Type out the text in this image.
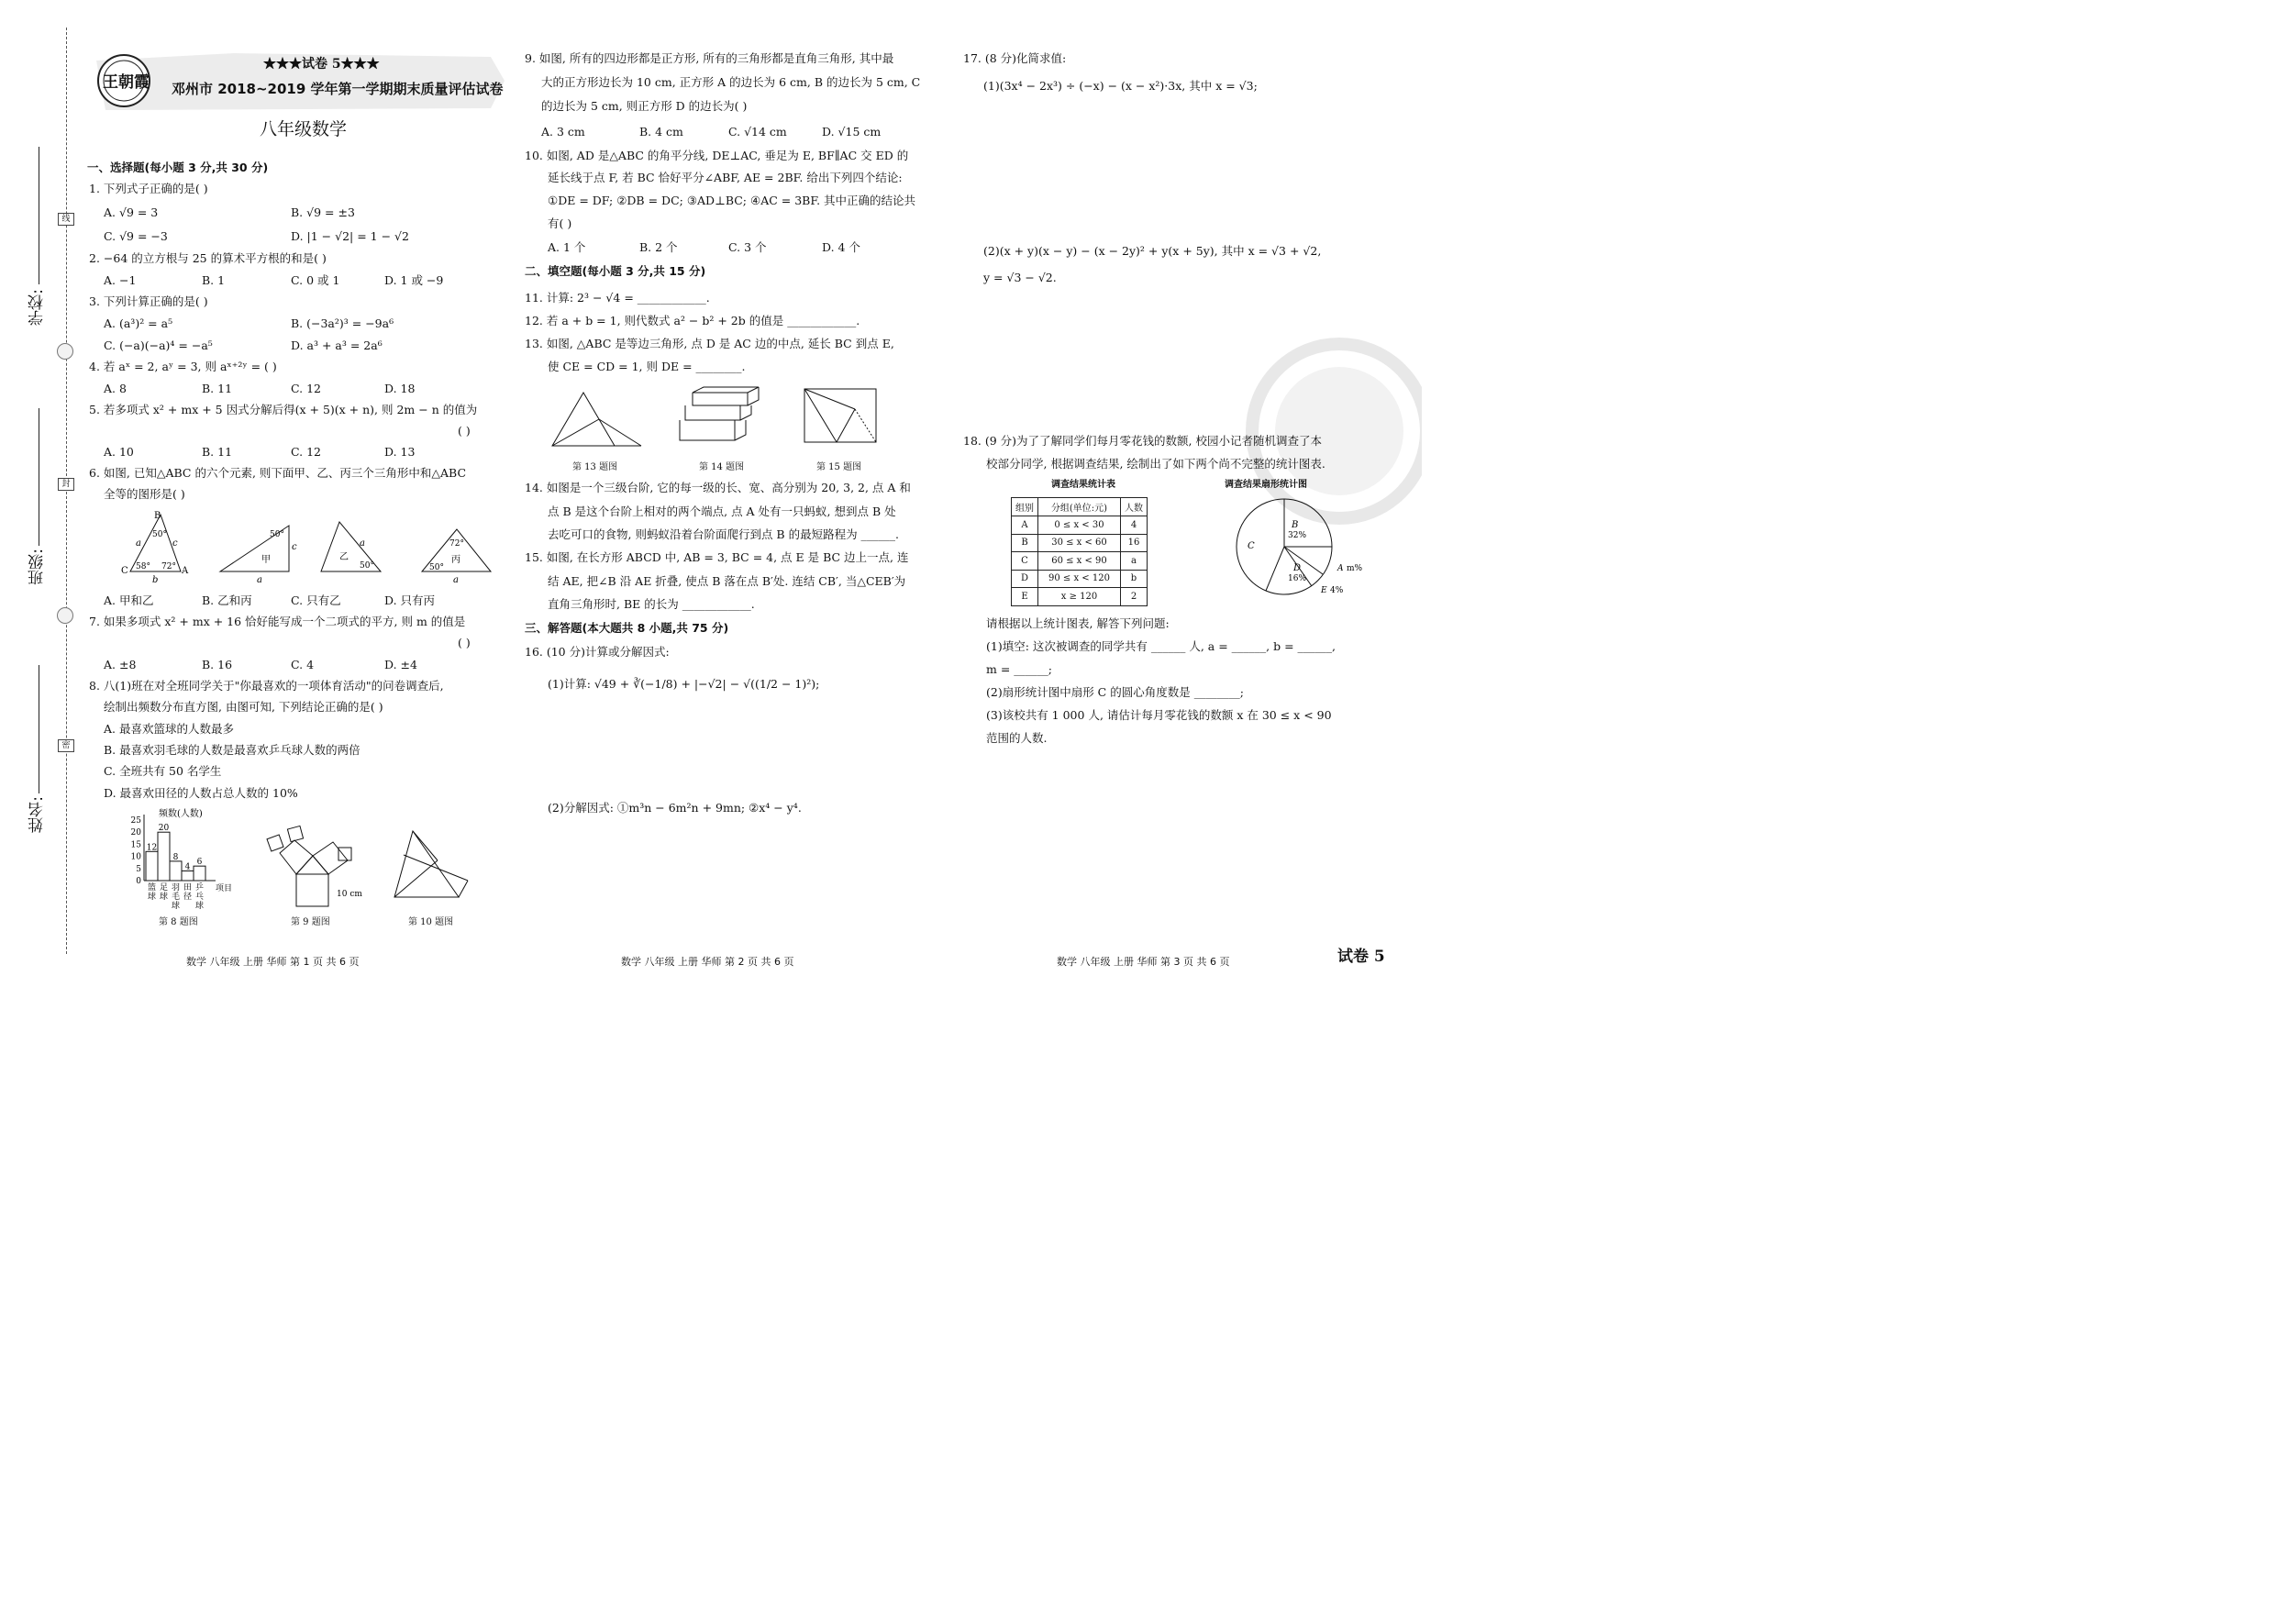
线
封
密
学校:
班级:
姓名:
王朝霞
★★★试卷 5★★★
邓州市 2018~2019 学年第一学期期末质量评估试卷
八年级数学
一、选择题(每小题 3 分,共 30 分)
1. 下列式子正确的是( )
A. √9 = 3	B. √9 = ±3
C. √9 = −3	D. |1 − √2| = 1 − √2
2. −64 的立方根与 25 的算术平方根的和是( )
A. −1	B. 1	C. 0 或 1	D. 1 或 −9
3. 下列计算正确的是( )
A. (a³)² = a⁵	B. (−3a²)³ = −9a⁶
C. (−a)(−a)⁴ = −a⁵	D. a³ + a³ = 2a⁶
4. 若 aˣ = 2, aʸ = 3, 则 aˣ⁺²ʸ = ( )
A. 8	B. 11	C. 12	D. 18
5. 若多项式 x² + mx + 5 因式分解后得(x + 5)(x + n), 则 2m − n 的值为
( )
A. 10	B. 11	C. 12	D. 13
6. 如图, 已知△ABC 的六个元素, 则下面甲、乙、丙三个三角形中和△ABC
全等的图形是( )
B
C	A
a	c
b
50°
58° 72°
甲
50°
c
a
乙
50°
a
丙
72°
50°
a
A. 甲和乙	B. 乙和丙	C. 只有乙	D. 只有丙
7. 如果多项式 x² + mx + 16 恰好能写成一个二项式的平方, 则 m 的值是
( )
A. ±8	B. 16	C. 4	D. ±4
8. 八(1)班在对全班同学关于"你最喜欢的一项体育活动"的问卷调查后,
绘制出频数分布直方图, 由图可知, 下列结论正确的是( )
A. 最喜欢篮球的人数最多
B. 最喜欢羽毛球的人数是最喜欢乒乓球人数的两倍
C. 全班共有 50 名学生
D. 最喜欢田径的人数占总人数的 10%
频数(人数)
项目
0
5
10
15
20
25
12
篮
球
20
足
球
8
羽
毛
球
4
田
径
6
乒
乓
球
第 8 题图
10 cm
第 9 题图	第 10 题图
数学 八年级 上册 华师 第 1 页 共 6 页
9. 如图, 所有的四边形都是正方形, 所有的三角形都是直角三角形, 其中最
大的正方形边长为 10 cm, 正方形 A 的边长为 6 cm, B 的边长为 5 cm, C
的边长为 5 cm, 则正方形 D 的边长为( )
A. 3 cm	B. 4 cm	C. √14 cm	D. √15 cm
10. 如图, AD 是△ABC 的角平分线, DE⊥AC, 垂足为 E, BF∥AC 交 ED 的
延长线于点 F, 若 BC 恰好平分∠ABF, AE = 2BF. 给出下列四个结论:
①DE = DF; ②DB = DC; ③AD⊥BC; ④AC = 3BF. 其中正确的结论共
有( )
A. 1 个	B. 2 个	C. 3 个	D. 4 个
二、填空题(每小题 3 分,共 15 分)
11. 计算: 2³ − √4 = ____________.
12. 若 a + b = 1, 则代数式 a² − b² + 2b 的值是 ____________.
13. 如图, △ABC 是等边三角形, 点 D 是 AC 边的中点, 延长 BC 到点 E,
使 CE = CD = 1, 则 DE = ________.
第 13 题图	第 14 题图	第 15 题图
14. 如图是一个三级台阶, 它的每一级的长、宽、高分别为 20, 3, 2, 点 A 和
点 B 是这个台阶上相对的两个端点, 点 A 处有一只蚂蚁, 想到点 B 处
去吃可口的食物, 则蚂蚁沿着台阶面爬行到点 B 的最短路程为 ______.
15. 如图, 在长方形 ABCD 中, AB = 3, BC = 4, 点 E 是 BC 边上一点, 连
结 AE, 把∠B 沿 AE 折叠, 使点 B 落在点 B′处. 连结 CB′, 当△CEB′为
直角三角形时, BE 的长为 ____________.
三、解答题(本大题共 8 小题,共 75 分)
16. (10 分)计算或分解因式:
(1)计算: √49 + ∛(−1/8) + |−√2| − √((1/2 − 1)²);
(2)分解因式: ①m³n − 6m²n + 9mn; ②x⁴ − y⁴.
数学 八年级 上册 华师 第 2 页 共 6 页
17. (8 分)化简求值:
(1)(3x⁴ − 2x³) ÷ (−x) − (x − x²)·3x, 其中 x = √3;
(2)(x + y)(x − y) − (x − 2y)² + y(x + 5y), 其中 x = √3 + √2,
y = √3 − √2.
18. (9 分)为了了解同学们每月零花钱的数额, 校园小记者随机调查了本
校部分同学, 根据调查结果, 绘制出了如下两个尚不完整的统计图表.
调查结果统计表
组别	分组(单位:元)	人数
A	0 ≤ x < 30	4
B	30 ≤ x < 60	16
C	60 ≤ x < 90	a
D	90 ≤ x < 120	b
E	x ≥ 120	2
调查结果扇形统计图
B
32%
C
D
16%
A m%
E 4%
请根据以上统计图表, 解答下列问题:
(1)填空: 这次被调查的同学共有 ______ 人, a = ______, b = ______,
m = ______;
(2)扇形统计图中扇形 C 的圆心角度数是 ________;
(3)该校共有 1 000 人, 请估计每月零花钱的数额 x 在 30 ≤ x < 90
范围的人数.
数学 八年级 上册 华师 第 3 页 共 6 页	试卷 5
